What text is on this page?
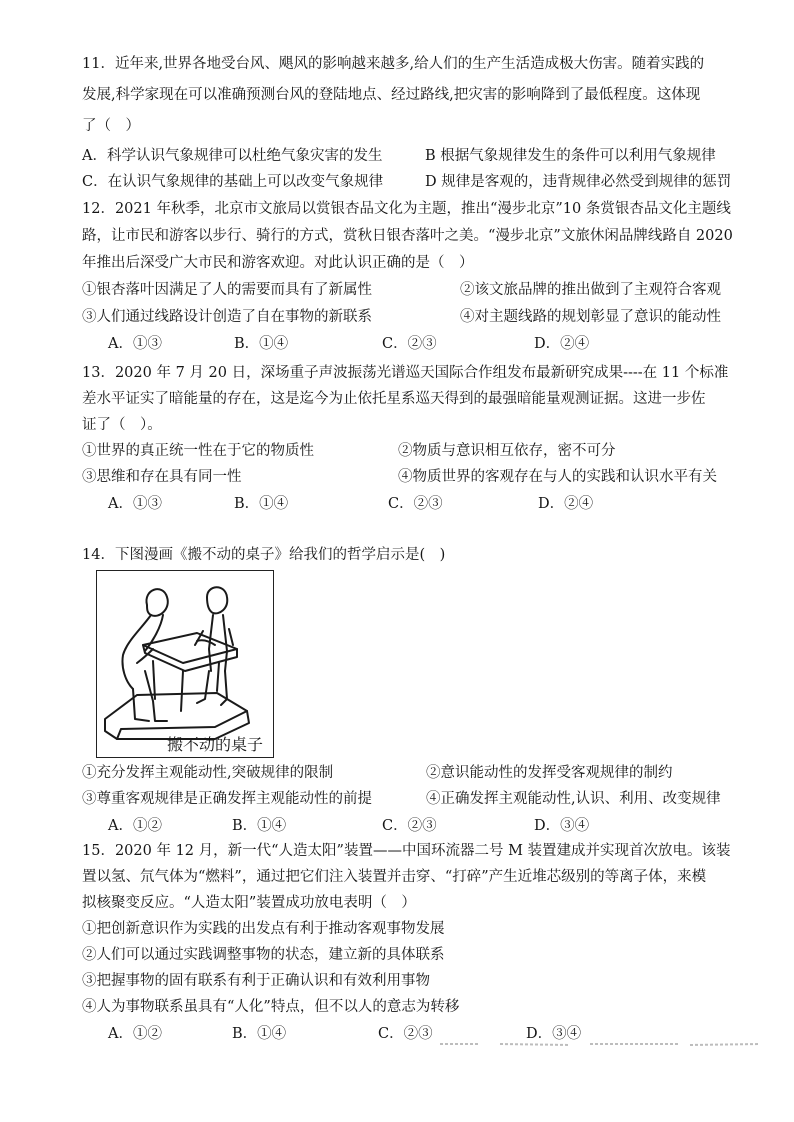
11．近年来,世界各地受台风、飓风的影响越来越多,给人们的生产生活造成极大伤害。随着实践的
发展,科学家现在可以准确预测台风的登陆地点、经过路线,把灾害的影响降到了最低程度。这体现
了（　）
A．科学认识气象规律可以杜绝气象灾害的发生	B 根据气象规律发生的条件可以利用气象规律
C．在认识气象规律的基础上可以改变气象规律	D 规律是客观的，违背规律必然受到规律的惩罚
12．2021 年秋季，北京市文旅局以赏银杏品文化为主题，推出“漫步北京”10 条赏银杏品文化主题线
路，让市民和游客以步行、骑行的方式，赏秋日银杏落叶之美。“漫步北京”文旅休闲品牌线路自 2020
年推出后深受广大市民和游客欢迎。对此认识正确的是（　）
①银杏落叶因满足了人的需要而具有了新属性	②该文旅品牌的推出做到了主观符合客观
③人们通过线路设计创造了自在事物的新联系	④对主题线路的规划彰显了意识的能动性
A．①③	B．①④	C．②③	D．②④
13．2020 年 7 月 20 日，深场重子声波振荡光谱巡天国际合作组发布最新研究成果----在 11 个标准
差水平证实了暗能量的存在，这是迄今为止依托星系巡天得到的最强暗能量观测证据。这进一步佐
证了（　）。
①世界的真正统一性在于它的物质性	②物质与意识相互依存，密不可分
③思维和存在具有同一性	④物质世界的客观存在与人的实践和认识水平有关
A．①③	B．①④	C．②③	D．②④
14．下图漫画《搬不动的桌子》给我们的哲学启示是(　)
搬不动的桌子
①充分发挥主观能动性,突破规律的限制	②意识能动性的发挥受客观规律的制约
③尊重客观规律是正确发挥主观能动性的前提	④正确发挥主观能动性,认识、利用、改变规律
A．①②	B．①④	C．②③	D．③④
15．2020 年 12 月，新一代“人造太阳”装置——中国环流器二号 M 装置建成并实现首次放电。该装
置以氢、氘气体为“燃料”，通过把它们注入装置并击穿、“打碎”产生近堆芯级别的等离子体，来模
拟核聚变反应。“人造太阳”装置成功放电表明（　）
①把创新意识作为实践的出发点有利于推动客观事物发展
②人们可以通过实践调整事物的状态，建立新的具体联系
③把握事物的固有联系有利于正确认识和有效利用事物
④人为事物联系虽具有“人化”特点，但不以人的意志为转移
A．①②	B．①④	C．②③	D．③④
